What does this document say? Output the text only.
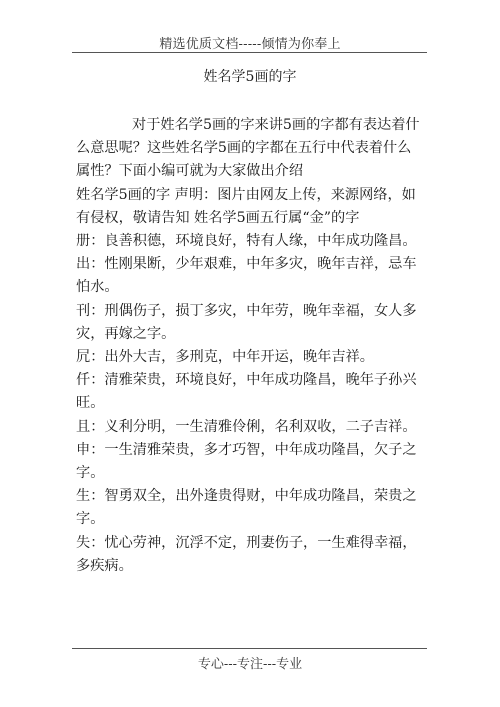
精选优质文档-----倾情为你奉上
姓名学5画的字

对于姓名学5画的字来讲5画的字都有表达着什么意思呢？这些姓名学5画的字都在五行中代表着什么属性？下面小编可就为大家做出介绍

姓名学5画的字 声明：图片由网友上传，来源网络，如有侵权，敬请告知 姓名学5画五行属“金”的字

册：良善积德，环境良好，特有人缘，中年成功隆昌。

出：性刚果断，少年艰难，中年多灾，晚年吉祥，忌车怕水。

刊：刑偶伤子，损丁多灾，中年劳，晚年幸福，女人多灾，再嫁之字。

凥：出外大吉，多刑克，中年开运，晚年吉祥。

仟：清雅荣贵，环境良好，中年成功隆昌，晚年子孙兴旺。

且：义利分明，一生清雅伶俐，名利双收，二子吉祥。

申：一生清雅荣贵，多才巧智，中年成功隆昌，欠子之字。

生：智勇双全，出外逢贵得财，中年成功隆昌，荣贵之字。

失：忧心劳神，沉浮不定，刑妻伤子，一生难得幸福，多疾病。

专心---专注---专业
